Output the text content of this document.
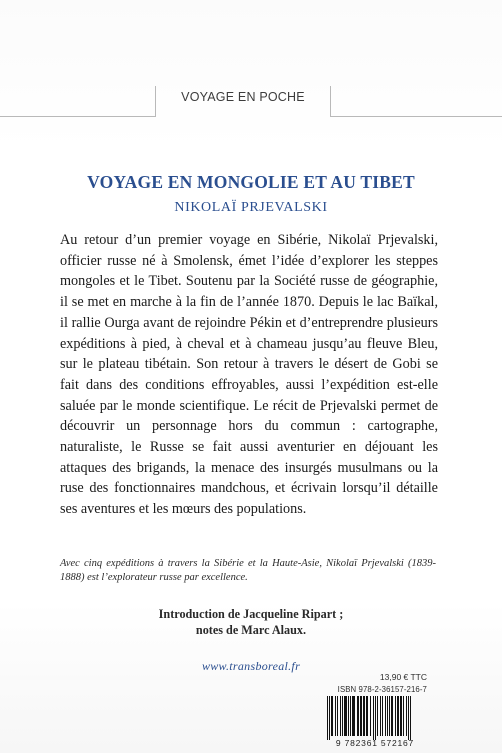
VOYAGE EN POCHE
VOYAGE EN MONGOLIE ET AU TIBET
NIKOLAÏ PRJEVALSKI

Au retour d’un premier voyage en Sibérie, Nikolaï Prjevalski, officier russe né à Smolensk, émet l’idée d’explorer les steppes mongoles et le Tibet. Soutenu par la Société russe de géographie, il se met en marche à la fin de l’année 1870. Depuis le lac Baïkal, il rallie Ourga avant de rejoindre Pékin et d’entreprendre plusieurs expéditions à pied, à cheval et à chameau jusqu’au fleuve Bleu, sur le plateau tibétain. Son retour à travers le désert de Gobi se fait dans des conditions effroyables, aussi l’expédition est-elle saluée par le monde scientifique. Le récit de Prjevalski permet de découvrir un personnage hors du commun : cartographe, naturaliste, le Russe se fait aussi aventurier en déjouant les attaques des brigands, la menace des insurgés musulmans ou la ruse des fonctionnaires mandchous, et écrivain lorsqu’il détaille ses aventures et les mœurs des populations.

Avec cinq expéditions à travers la Sibérie et la Haute-Asie, Nikolaï Prjevalski (1839-1888) est l’explorateur russe par excellence.

Introduction de Jacqueline Ripart ;
notes de Marc Alaux.
www.transboreal.fr
13,90 € TTC
ISBN 978-2-36157-216-7
9 782361 572167
